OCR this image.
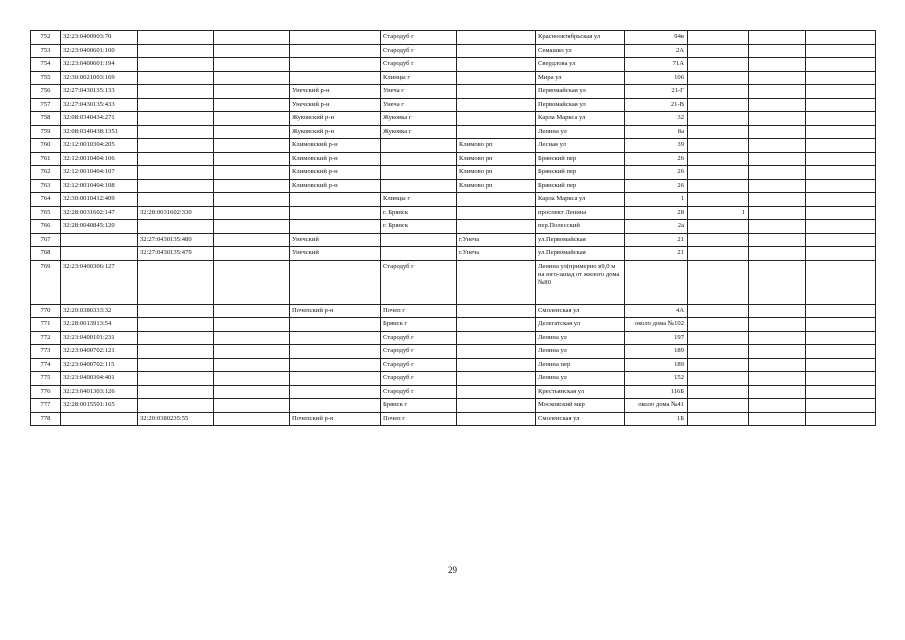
752	32:23:0400903:70				Стародуб г		Краснооктябрьская ул	94в			
753	32:23:0400601:100				Стародуб г		Семашко ул	2А			
754	32:23:0400601:194				Стародуб г		Свердлова ул	71А			
755	32:30:0021003:169				Клинцы г		Мира ул	106			
756	32:27:0430135:133			Унечский р-н	Унеча г		Первомайская ул	21-Г			
757	32:27:0430135:433			Унечский р-н	Унеча г		Первомайская ул	21-В			
758	32:08:0340434:271			Жуковский р-н	Жуковка г		Карла Маркса ул	32			
759	32:08:0340438:1351			Жуковский р-н	Жуковка г		Ленина ул	8а			
760	32:12:0010304:205			Климовский р-н		Климово рп	Лесная ул	39			
761	32:12:0010404:106			Климовский р-н		Климово рп	Брянский пер	26			
762	32:12:0010404:107			Климовский р-н		Климово рп	Брянский пер	26			
763	32:12:0010404:108			Климовский р-н		Климово рп	Брянский пер	26			
764	32:30:0010412:409				Клинцы г		Карла Маркса ул	1			
765	32:28:0031602:147	32:28:0031602:330			г. Брянск		проспект Ленина	28	1		
766	32:28:0040845:120				г. Брянск		пер.Полесский	2а			
767		32:27:0430135:480		Унечский		г.Унеча	ул.Первомайская	21			
768		32:27:0430135:479		Унечский		г.Унеча	ул.Первомайская	21			
769	32:23:0400306:127				Стародуб г		Ленина ул(примерно в9,0 м на юго-запад от жилого дома №80				
770	32:20:0380333:32			Почепский р-н	Почеп г		Смоленская ул	4А			
771	32:28:0013913:54				Брянск г		Делегатская ул	около дома №102			
772	32:23:0400101:231				Стародуб г		Ленина ул	197			
773	32:23:0400702:121				Стародуб г		Ленина ул	189			
774	32:23:0400702:115				Стародуб г		Ленина пер	189			
775	32:23:0400304:401				Стародуб г		Ленина ул	152			
776	32:23:0401303:126				Стародуб г		Крестьянская ул	116Б			
777	32:28:0015501:165				Брянск г		Московский мкр	около дома №41			
778		32:20:0380235:55		Почепский р-н	Почеп г		Смоленская ул	1Б			
29
